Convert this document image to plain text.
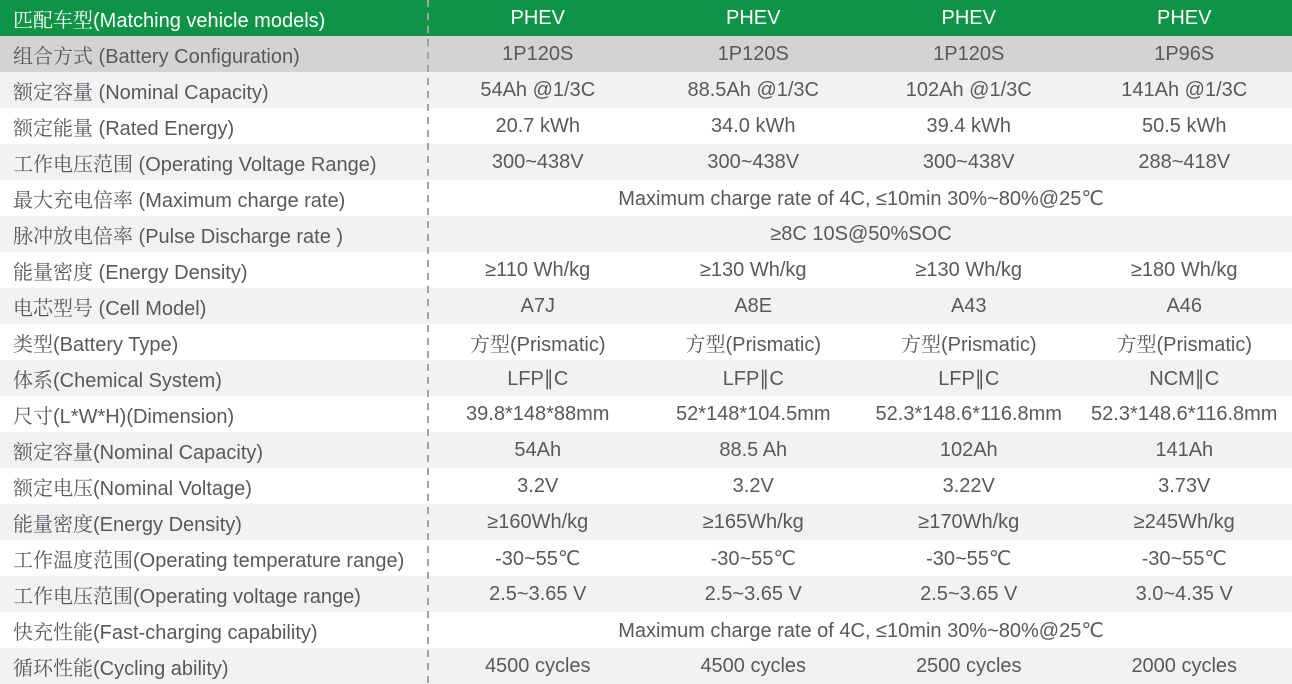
匹配车型(Matching vehicle models)	PHEV	PHEV	PHEV	PHEV
组合方式 (Battery Configuration)	1P120S	1P120S	1P120S	1P96S
额定容量 (Nominal Capacity)	54Ah @1/3C	88.5Ah @1/3C	102Ah @1/3C	141Ah @1/3C
额定能量 (Rated Energy)	20.7 kWh	34.0 kWh	39.4 kWh	50.5 kWh
工作电压范围 (Operating Voltage Range)	300~438V	300~438V	300~438V	288~418V
最大充电倍率 (Maximum charge rate)	Maximum charge rate of 4C, ≤10min 30%~80%@25℃
脉冲放电倍率 (Pulse Discharge rate )	≥8C 10S@50%SOC
能量密度 (Energy Density)	≥110 Wh/kg	≥130 Wh/kg	≥130 Wh/kg	≥180 Wh/kg
电芯型号 (Cell Model)	A7J	A8E	A43	A46
类型(Battery Type)	方型(Prismatic)	方型(Prismatic)	方型(Prismatic)	方型(Prismatic)
体系(Chemical System)	LFP∥C	LFP∥C	LFP∥C	NCM∥C
尺寸(L*W*H)(Dimension)	39.8*148*88mm	52*148*104.5mm	52.3*148.6*116.8mm	52.3*148.6*116.8mm
额定容量(Nominal Capacity)	54Ah	88.5 Ah	102Ah	141Ah
额定电压(Nominal Voltage)	3.2V	3.2V	3.22V	3.73V
能量密度(Energy Density)	≥160Wh/kg	≥165Wh/kg	≥170Wh/kg	≥245Wh/kg
工作温度范围(Operating temperature range)	-30~55℃	-30~55℃	-30~55℃	-30~55℃
工作电压范围(Operating voltage range)	2.5~3.65 V	2.5~3.65 V	2.5~3.65 V	3.0~4.35 V
快充性能(Fast-charging capability)	Maximum charge rate of 4C, ≤10min 30%~80%@25℃
循环性能(Cycling ability)	4500 cycles	4500 cycles	2500 cycles	2000 cycles
